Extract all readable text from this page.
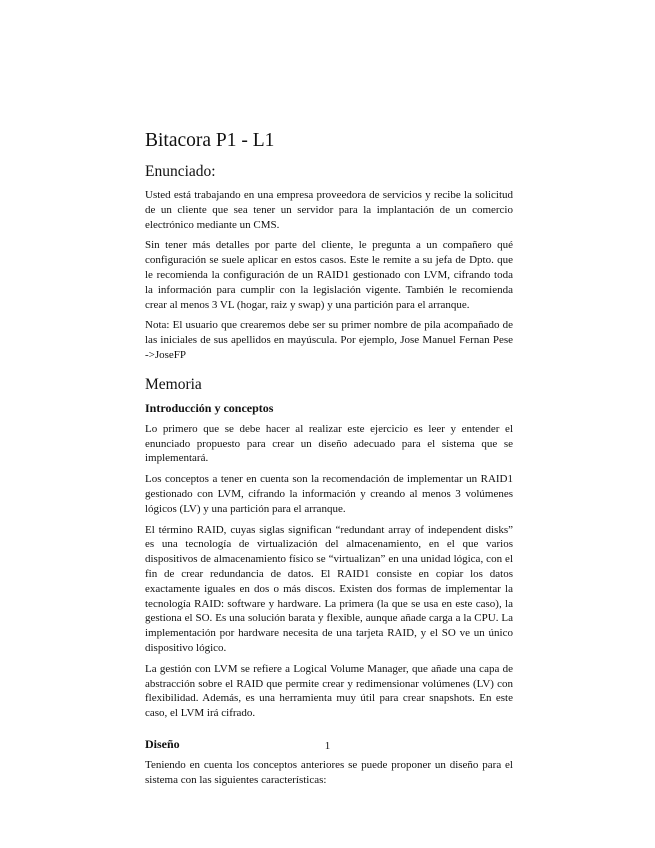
Bitacora P1 - L1
Enunciado:

Usted está trabajando en una empresa proveedora de servicios y recibe la solicitud de un cliente que sea tener un servidor para la implantación de un comercio electrónico mediante un CMS.

Sin tener más detalles por parte del cliente, le pregunta a un compañero qué configuración se suele aplicar en estos casos. Este le remite a su jefa de Dpto. que le recomienda la configuración de un RAID1 gestionado con LVM, cifrando toda la información para cumplir con la legislación vigente. También le recomienda crear al menos 3 VL (hogar, raiz y swap) y una partición para el arranque.

Nota: El usuario que crearemos debe ser su primer nombre de pila acompañado de las iniciales de sus apellidos en mayúscula. Por ejemplo, Jose Manuel Fernan Pese ->JoseFP

Memoria
Introducción y conceptos

Lo primero que se debe hacer al realizar este ejercicio es leer y entender el enunciado propuesto para crear un diseño adecuado para el sistema que se implementará.

Los conceptos a tener en cuenta son la recomendación de implementar un RAID1 gestionado con LVM, cifrando la información y creando al menos 3 volúmenes lógicos (LV) y una partición para el arranque.

El término RAID, cuyas siglas significan “redundant array of independent disks” es una tecnología de virtualización del almacenamiento, en el que varios dispositivos de almacenamiento físico se “virtualizan” en una unidad lógica, con el fin de crear redundancia de datos. El RAID1 consiste en copiar los datos exactamente iguales en dos o más discos. Existen dos formas de implementar la tecnología RAID: software y hardware. La primera (la que se usa en este caso), la gestiona el SO. Es una solución barata y flexible, aunque añade carga a la CPU. La implementación por hardware necesita de una tarjeta RAID, y el SO ve un único dispositivo lógico.

La gestión con LVM se refiere a Logical Volume Manager, que añade una capa de abstracción sobre el RAID que permite crear y redimensionar volúmenes (LV) con flexibilidad. Además, es una herramienta muy útil para crear snapshots. En este caso, el LVM irá cifrado.

Diseño

Teniendo en cuenta los conceptos anteriores se puede proponer un diseño para el sistema con las siguientes características:

1
